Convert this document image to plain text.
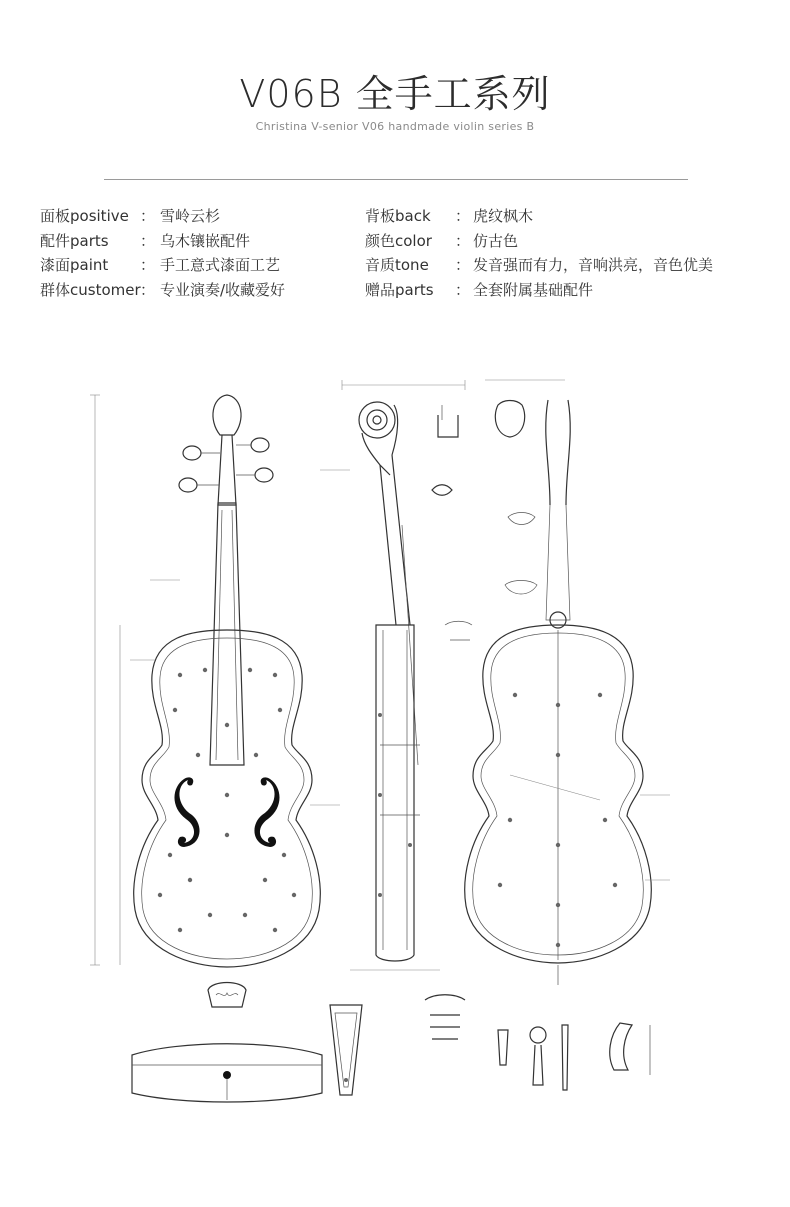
V06B 全手工系列
Christina V-senior V06 handmade violin series B
面板positive ： 雪岭云杉
配件parts ： 乌木镶嵌配件
漆面paint ： 手工意式漆面工艺
群体customer： 专业演奏/收藏爱好
背板back ： 虎纹枫木
颜色color ： 仿古色
音质tone ： 发音强而有力，音响洪亮，音色优美
赠品parts ： 全套附属基础配件
